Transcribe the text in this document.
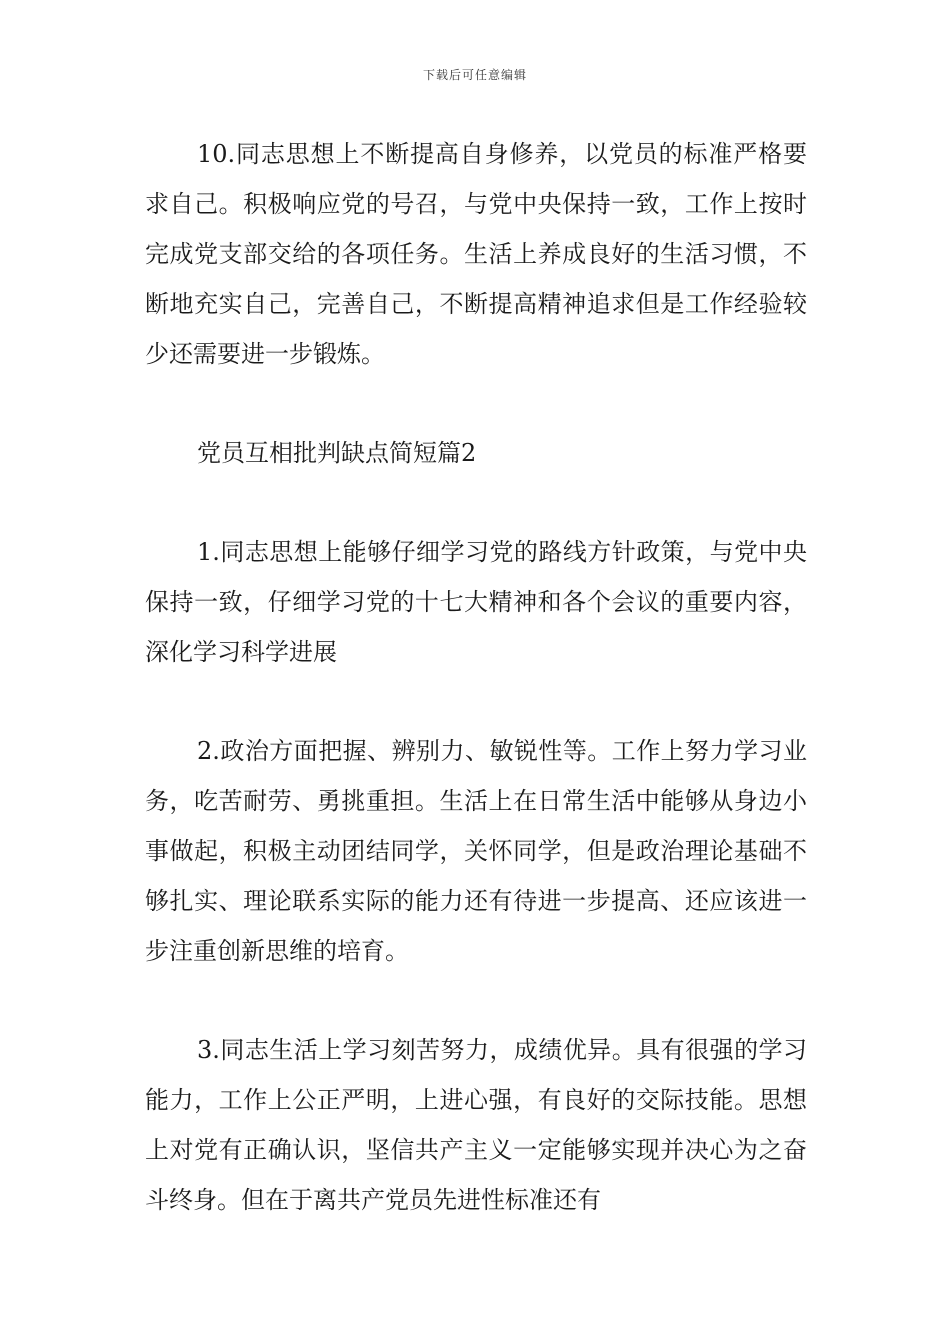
下载后可任意编辑

10.同志思想上不断提高自身修养，以党员的标准严格要求自己。积极响应党的号召，与党中央保持一致，工作上按时完成党支部交给的各项任务。生活上养成良好的生活习惯，不断地充实自己，完善自己，不断提高精神追求但是工作经验较少还需要进一步锻炼。

党员互相批判缺点简短篇2

1.同志思想上能够仔细学习党的路线方针政策，与党中央保持一致，仔细学习党的十七大精神和各个会议的重要内容，深化学习科学进展

2.政治方面把握、辨别力、敏锐性等。工作上努力学习业务，吃苦耐劳、勇挑重担。生活上在日常生活中能够从身边小事做起，积极主动团结同学，关怀同学，但是政治理论基础不够扎实、理论联系实际的能力还有待进一步提高、还应该进一步注重创新思维的培育。

3.同志生活上学习刻苦努力，成绩优异。具有很强的学习能力，工作上公正严明，上进心强，有良好的交际技能。思想上对党有正确认识，坚信共产主义一定能够实现并决心为之奋斗终身。但在于离共产党员先进性标准还有
